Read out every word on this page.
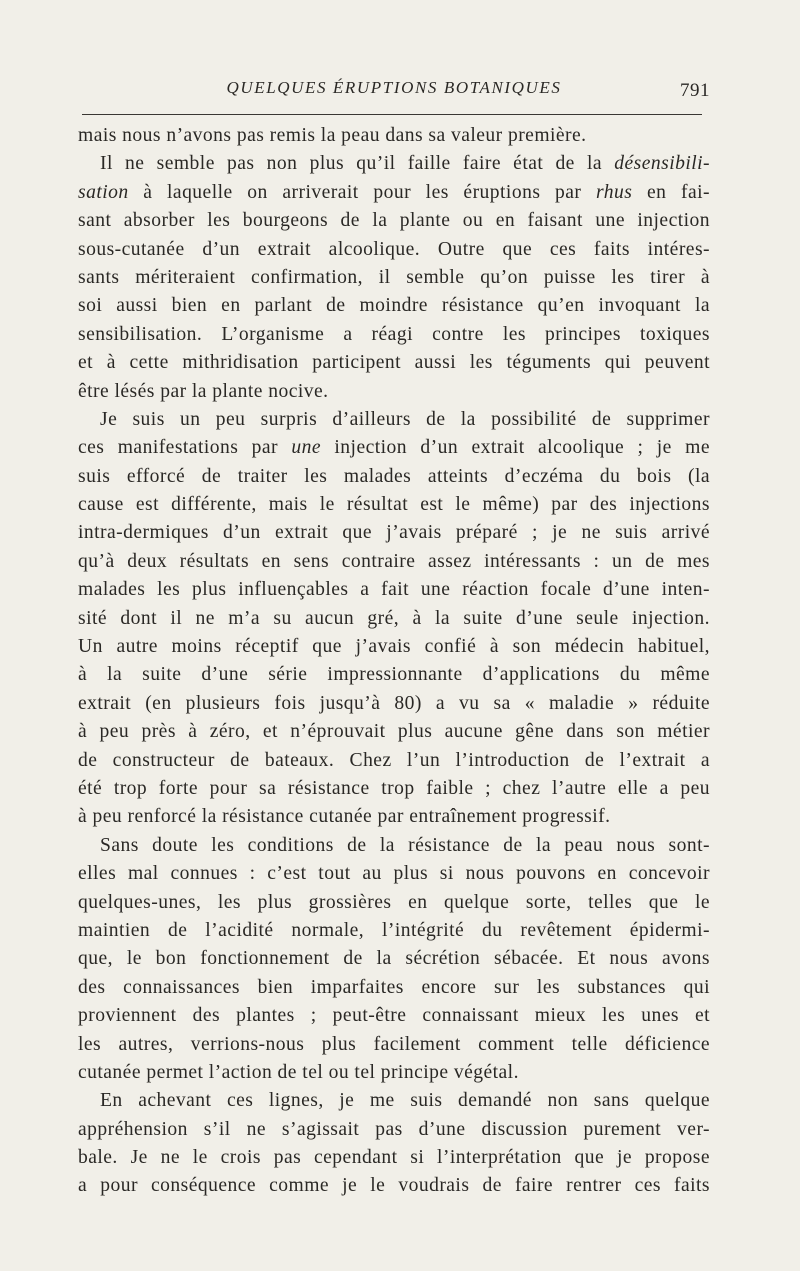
QUELQUES ÉRUPTIONS BOTANIQUES	791
mais nous n’avons pas remis la peau dans sa valeur première.
Il ne semble pas non plus qu’il faille faire état de la désensibili-
sation à laquelle on arriverait pour les éruptions par rhus en fai-
sant absorber les bourgeons de la plante ou en faisant une injection
sous-cutanée d’un extrait alcoolique. Outre que ces faits intéres-
sants mériteraient confirmation, il semble qu’on puisse les tirer à
soi aussi bien en parlant de moindre résistance qu’en invoquant la
sensibilisation. L’organisme a réagi contre les principes toxiques
et à cette mithridisation participent aussi les téguments qui peuvent
être lésés par la plante nocive.
Je suis un peu surpris d’ailleurs de la possibilité de supprimer
ces manifestations par une injection d’un extrait alcoolique ; je me
suis efforcé de traiter les malades atteints d’eczéma du bois (la
cause est différente, mais le résultat est le même) par des injections
intra-dermiques d’un extrait que j’avais préparé ; je ne suis arrivé
qu’à deux résultats en sens contraire assez intéressants : un de mes
malades les plus influençables a fait une réaction focale d’une inten-
sité dont il ne m’a su aucun gré, à la suite d’une seule injection.
Un autre moins réceptif que j’avais confié à son médecin habituel,
à la suite d’une série impressionnante d’applications du même
extrait (en plusieurs fois jusqu’à 80) a vu sa « maladie » réduite
à peu près à zéro, et n’éprouvait plus aucune gêne dans son métier
de constructeur de bateaux. Chez l’un l’introduction de l’extrait a
été trop forte pour sa résistance trop faible ; chez l’autre elle a peu
à peu renforcé la résistance cutanée par entraînement progressif.
Sans doute les conditions de la résistance de la peau nous sont-
elles mal connues : c’est tout au plus si nous pouvons en concevoir
quelques-unes, les plus grossières en quelque sorte, telles que le
maintien de l’acidité normale, l’intégrité du revêtement épidermi-
que, le bon fonctionnement de la sécrétion sébacée. Et nous avons
des connaissances bien imparfaites encore sur les substances qui
proviennent des plantes ; peut-être connaissant mieux les unes et
les autres, verrions-nous plus facilement comment telle déficience
cutanée permet l’action de tel ou tel principe végétal.
En achevant ces lignes, je me suis demandé non sans quelque
appréhension s’il ne s’agissait pas d’une discussion purement ver-
bale. Je ne le crois pas cependant si l’interprétation que je propose
a pour conséquence comme je le voudrais de faire rentrer ces faits
